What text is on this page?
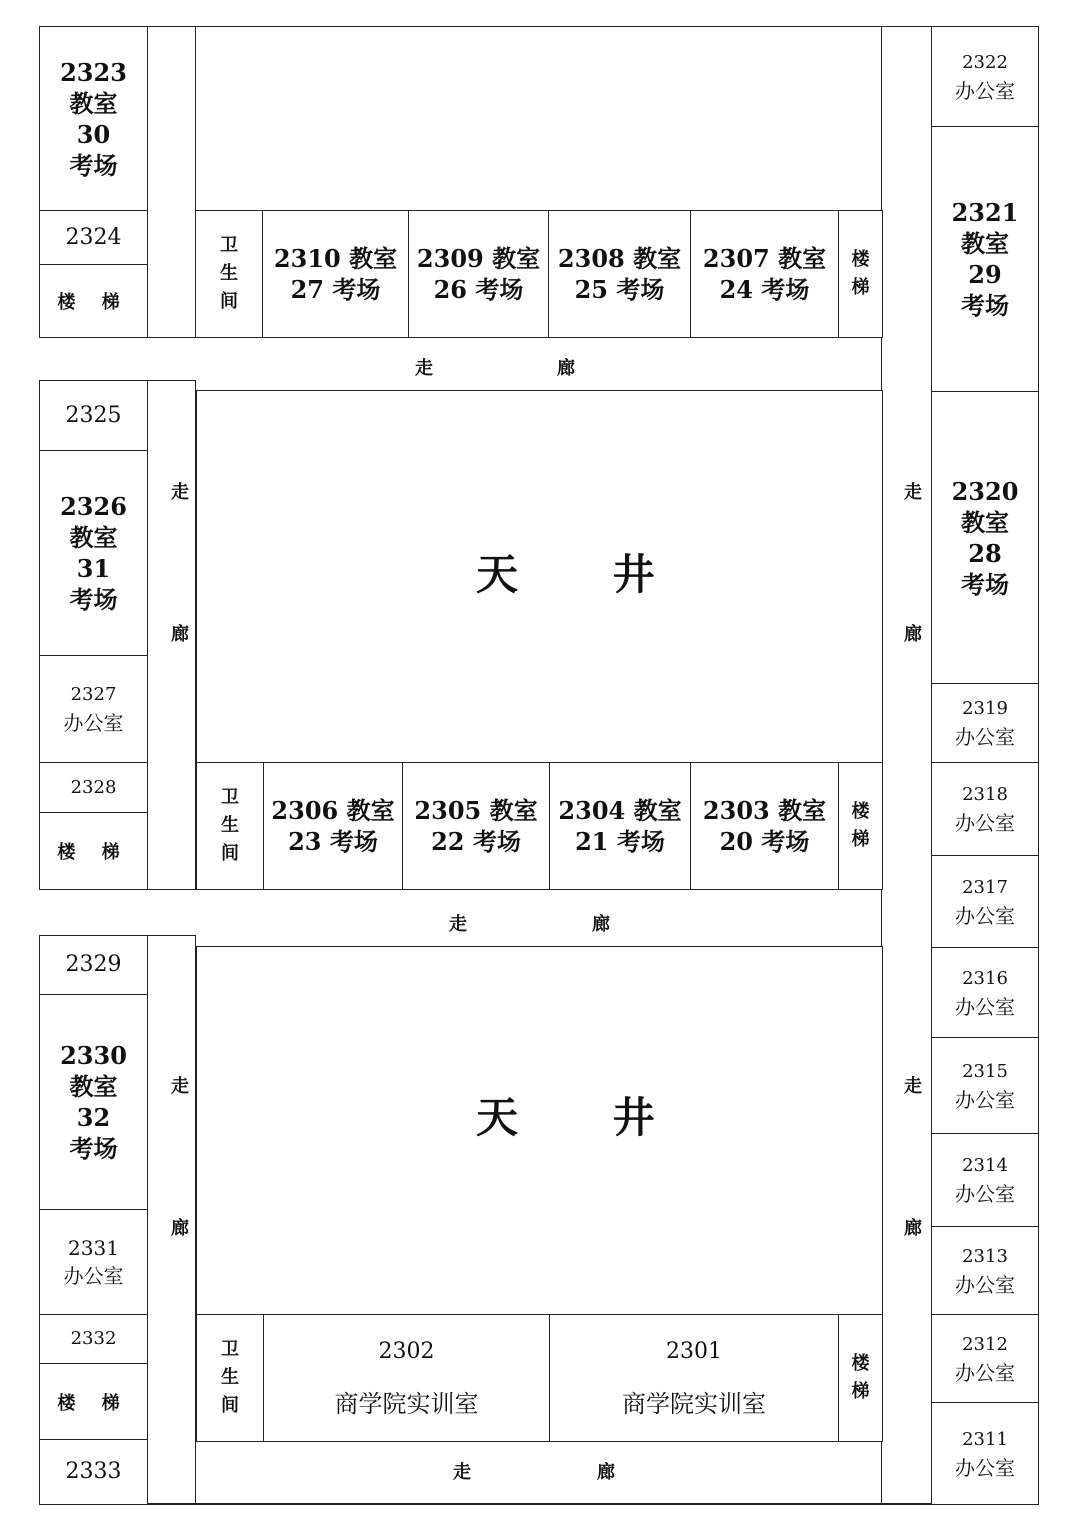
2323
教室
30
考场
2324
楼 梯
2325
2326
教室
31
考场
2327
办公室
2328
楼 梯
2329
2330
教室
32
考场
2331
办公室
2332
楼 梯
2333
2322
办公室
2321
教室
29
考场
2320
教室
28
考场
2319
办公室
2318
办公室
2317
办公室
2316
办公室
2315
办公室
2314
办公室
2313
办公室
2312
办公室
2311
办公室
卫
生
间
2310 教室
27 考场
2309 教室
26 考场
2308 教室
25 考场
2307 教室
24 考场
楼
梯
走	廊
天 井
走
廊
走
廊
卫
生
间
2306 教室
23 考场
2305 教室
22 考场
2304 教室
21 考场
2303 教室
20 考场
楼
梯
走	廊
天 井
走
廊
走
廊
卫
生
间
2302
商学院实训室
2301
商学院实训室
楼
梯
走	廊
